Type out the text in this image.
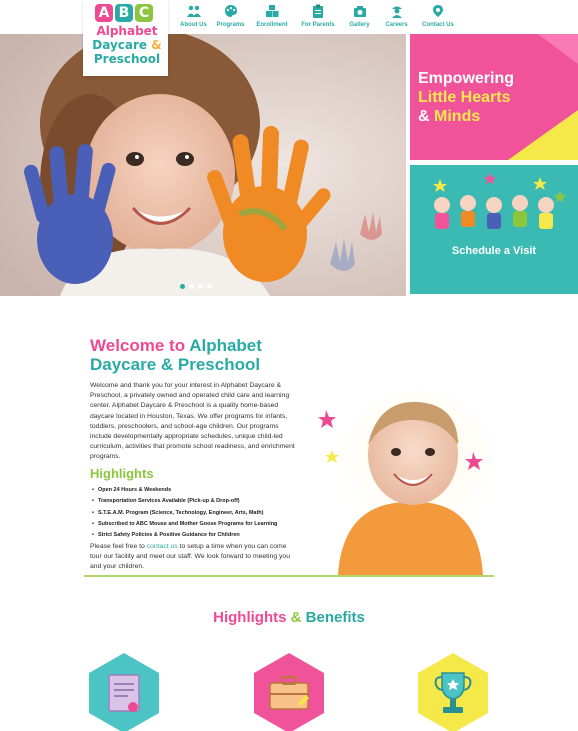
A B C
Alphabet
Daycare &
Preschool
About Us Programs Enrollment For Parents Gallery	Careers Contact Us
Empowering
Little Hearts
& Minds
Schedule a Visit
Welcome to Alphabet
Daycare & Preschool

Welcome and thank you for your interest in Alphabet Daycare & Preschool, a privately owned and operated child care and learning center. Alphabet Daycare & Preschool is a quality home-based daycare located in Houston, Texas. We offer programs for infants, toddlers, preschoolers, and school-age children. Our programs include developmentally appropriate schedules, unique child-led curriculum, activities that promote school readiness, and enrichment programs.

Highlights
• Open 24 Hours & Weekends
• Transportation Services Available (Pick-up & Drop-off)
• S.T.E.A.M. Program (Science, Technology, Engineer, Arts, Math)
• Subscribed to ABC Mouse and Mother Goose Programs for Learning
• Strict Safety Policies & Positive Guidance for Children

Please feel free to contact us to setup a time when you can come tour our facility and meet our staff. We look forward to meeting you and your children.

Highlights & Benefits
